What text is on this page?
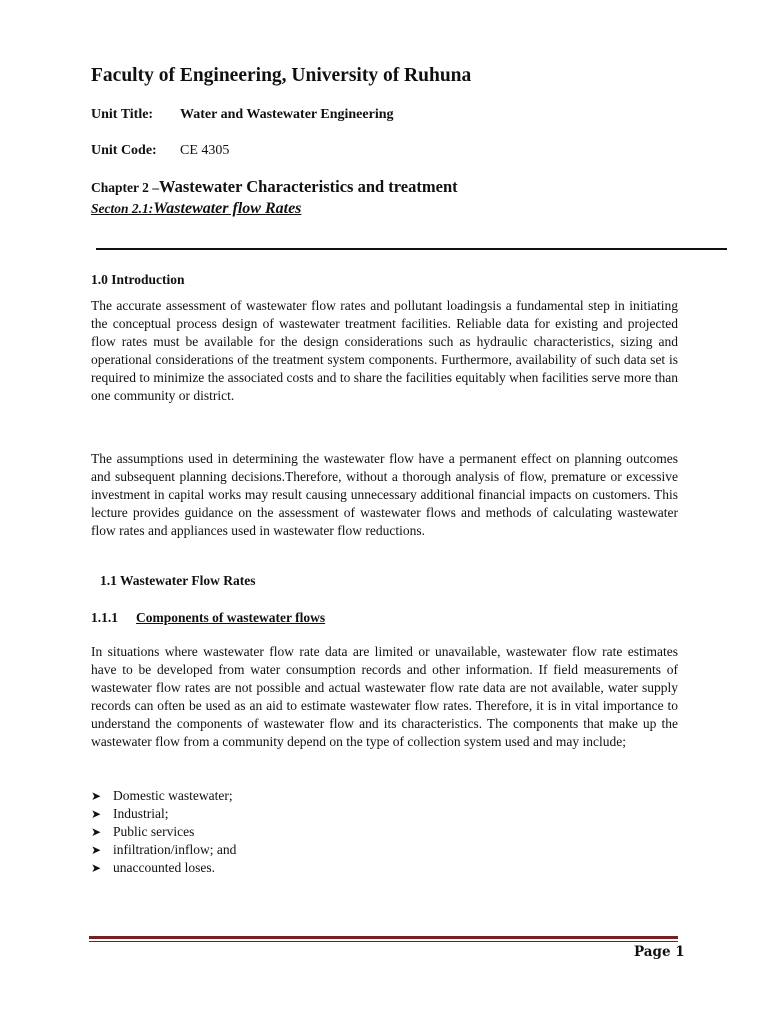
Faculty of Engineering, University of Ruhuna
Unit Title: Water and Wastewater Engineering
Unit Code: CE 4305
Chapter 2 –Wastewater Characteristics and treatment
Secton 2.1:Wastewater flow Rates
1.0 Introduction

The accurate assessment of wastewater flow rates and pollutant loadingsis a fundamental step in initiating the conceptual process design of wastewater treatment facilities. Reliable data for existing and projected flow rates must be available for the design considerations such as hydraulic characteristics, sizing and operational considerations of the treatment system components. Furthermore, availability of such data set is required to minimize the associated costs and to share the facilities equitably when facilities serve more than one community or district.

The assumptions used in determining the wastewater flow have a permanent effect on planning outcomes and subsequent planning decisions.Therefore, without a thorough analysis of flow, premature or excessive investment in capital works may result causing unnecessary additional financial impacts on customers. This lecture provides guidance on the assessment of wastewater flows and methods of calculating wastewater flow rates and appliances used in wastewater flow reductions.

1.1 Wastewater Flow Rates
1.1.1 Components of wastewater flows

In situations where wastewater flow rate data are limited or unavailable, wastewater flow rate estimates have to be developed from water consumption records and other information. If field measurements of wastewater flow rates are not possible and actual wastewater flow rate data are not available, water supply records can often be used as an aid to estimate wastewater flow rates. Therefore, it is in vital importance to understand the components of wastewater flow and its characteristics. The components that make up the wastewater flow from a community depend on the type of collection system used and may include;

➤ Domestic wastewater;
➤ Industrial;
➤ Public services
➤ infiltration/inflow; and
➤ unaccounted loses.
Page 1
